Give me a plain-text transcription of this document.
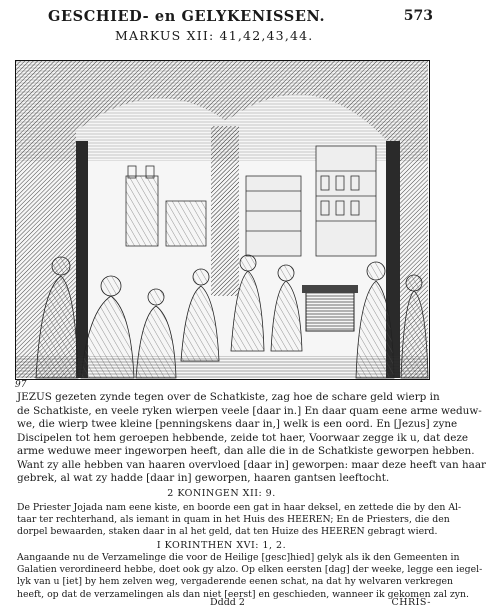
GESCHIED- en GELYKENISSEN.	573
MARKUS XII: 41,42,43,44.
97
JEZUS gezeten zynde tegen over de Schatkiste, zag hoe de schare geld wierp in
de Schatkiste, en veele ryken wierpen veele [daar in.] En daar quam eene arme weduw-
we, die wierp twee kleine [penningskens daar in,] welk is een oord. En [Jezus] zyne
Discipelen tot hem geroepen hebbende, zeide tot haer, Voorwaar zegge ik u, dat deze
arme weduwe meer ingeworpen heeft, dan alle die in de Schatkiste geworpen hebben.
Want zy alle hebben van haaren overvloed [daar in] geworpen: maar deze heeft van haar
gebrek, al wat zy hadde [daar in] geworpen, haaren gantsen leeftocht.
2 KONINGEN XII: 9.
De Priester Jojada nam eene kiste, en boorde een gat in haar deksel, en zettede die by den Al-
taar ter rechterhand, als iemant in quam in het Huis des HEEREN; En de Priesters, die den
dorpel bewaarden, staken daar in al het geld, dat ten Huize des HEEREN gebragt wierd.
I KORINTHEN XVI: 1, 2.
Aangaande nu de Verzamelinge die voor de Heilige [gesc]hied] gelyk als ik den Gemeenten in
Galatien verordineerd hebbe, doet ook gy alzo. Op elken eersten [dag] der weeke, legge een iegel-
lyk van u [iet] by hem zelven weg, vergaderende eenen schat, na dat hy welvaren verkregen
heeft, op dat de verzamelingen als dan niet [eerst] en geschieden, wanneer ik gekomen zal zyn.
Dddd 2	CHRIS-
